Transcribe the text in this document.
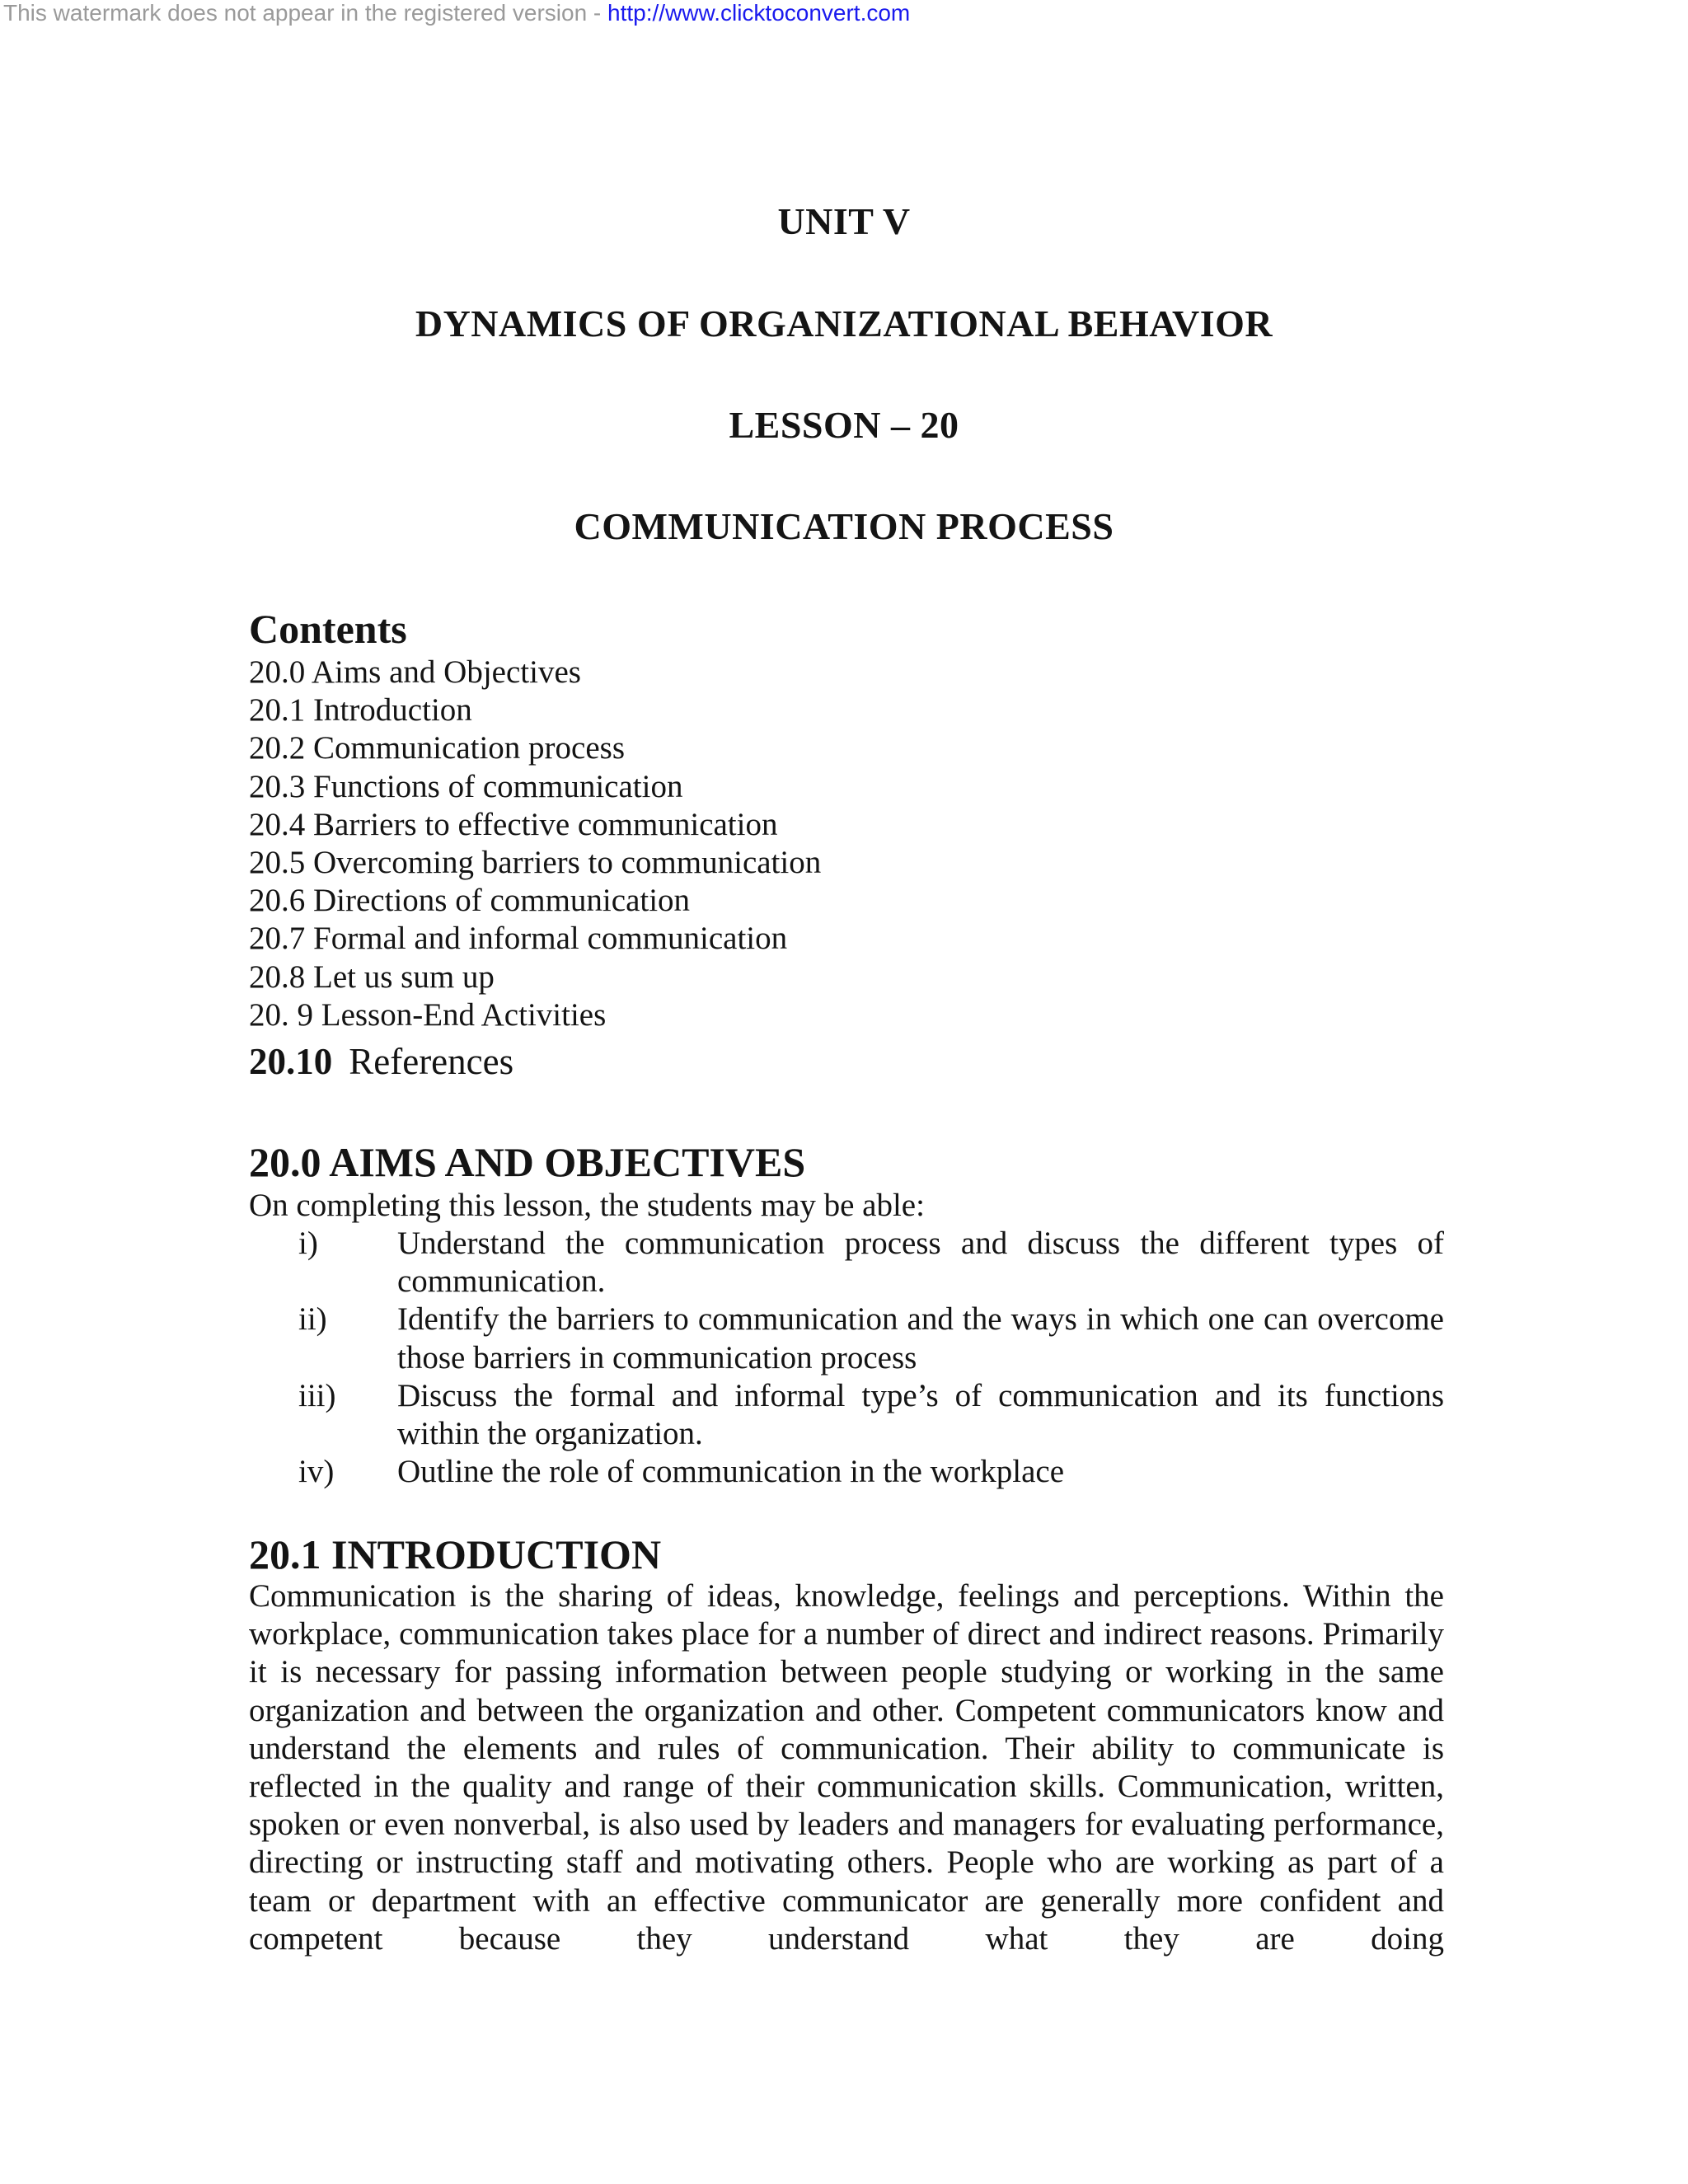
This watermark does not appear in the registered version - http://www.clicktoconvert.com
UNIT V
DYNAMICS OF ORGANIZATIONAL BEHAVIOR
LESSON – 20
COMMUNICATION PROCESS
Contents
20.0 Aims and Objectives
20.1 Introduction
20.2 Communication process
20.3 Functions of communication
20.4 Barriers to effective communication
20.5 Overcoming barriers to communication
20.6 Directions of communication
20.7 Formal and informal communication
20.8 Let us sum up
20. 9 Lesson-End Activities
20.10 References
20.0 AIMS AND OBJECTIVES
On completing this lesson, the students may be able:
i)	Understand the communication process and discuss the different types of communication.
ii)	Identify the barriers to communication and the ways in which one can overcome those barriers in communication process
iii)	Discuss the formal and informal type’s of communication and its functions within the organization.
iv)	Outline the role of communication in the workplace
20.1 INTRODUCTION

Communication is the sharing of ideas, knowledge, feelings and perceptions. Within the workplace, communication takes place for a number of direct and indirect reasons. Primarily it is necessary for passing information between people studying or working in the same organization and between the organization and other. Competent communicators know and understand the elements and rules of communication. Their ability to communicate is reflected in the quality and range of their communication skills. Communication, written, spoken or even nonverbal, is also used by leaders and managers for evaluating performance, directing or instructing staff and motivating others. People who are working as part of a team or department with an effective communicator are generally more confident and competent because they understand what they are doing
